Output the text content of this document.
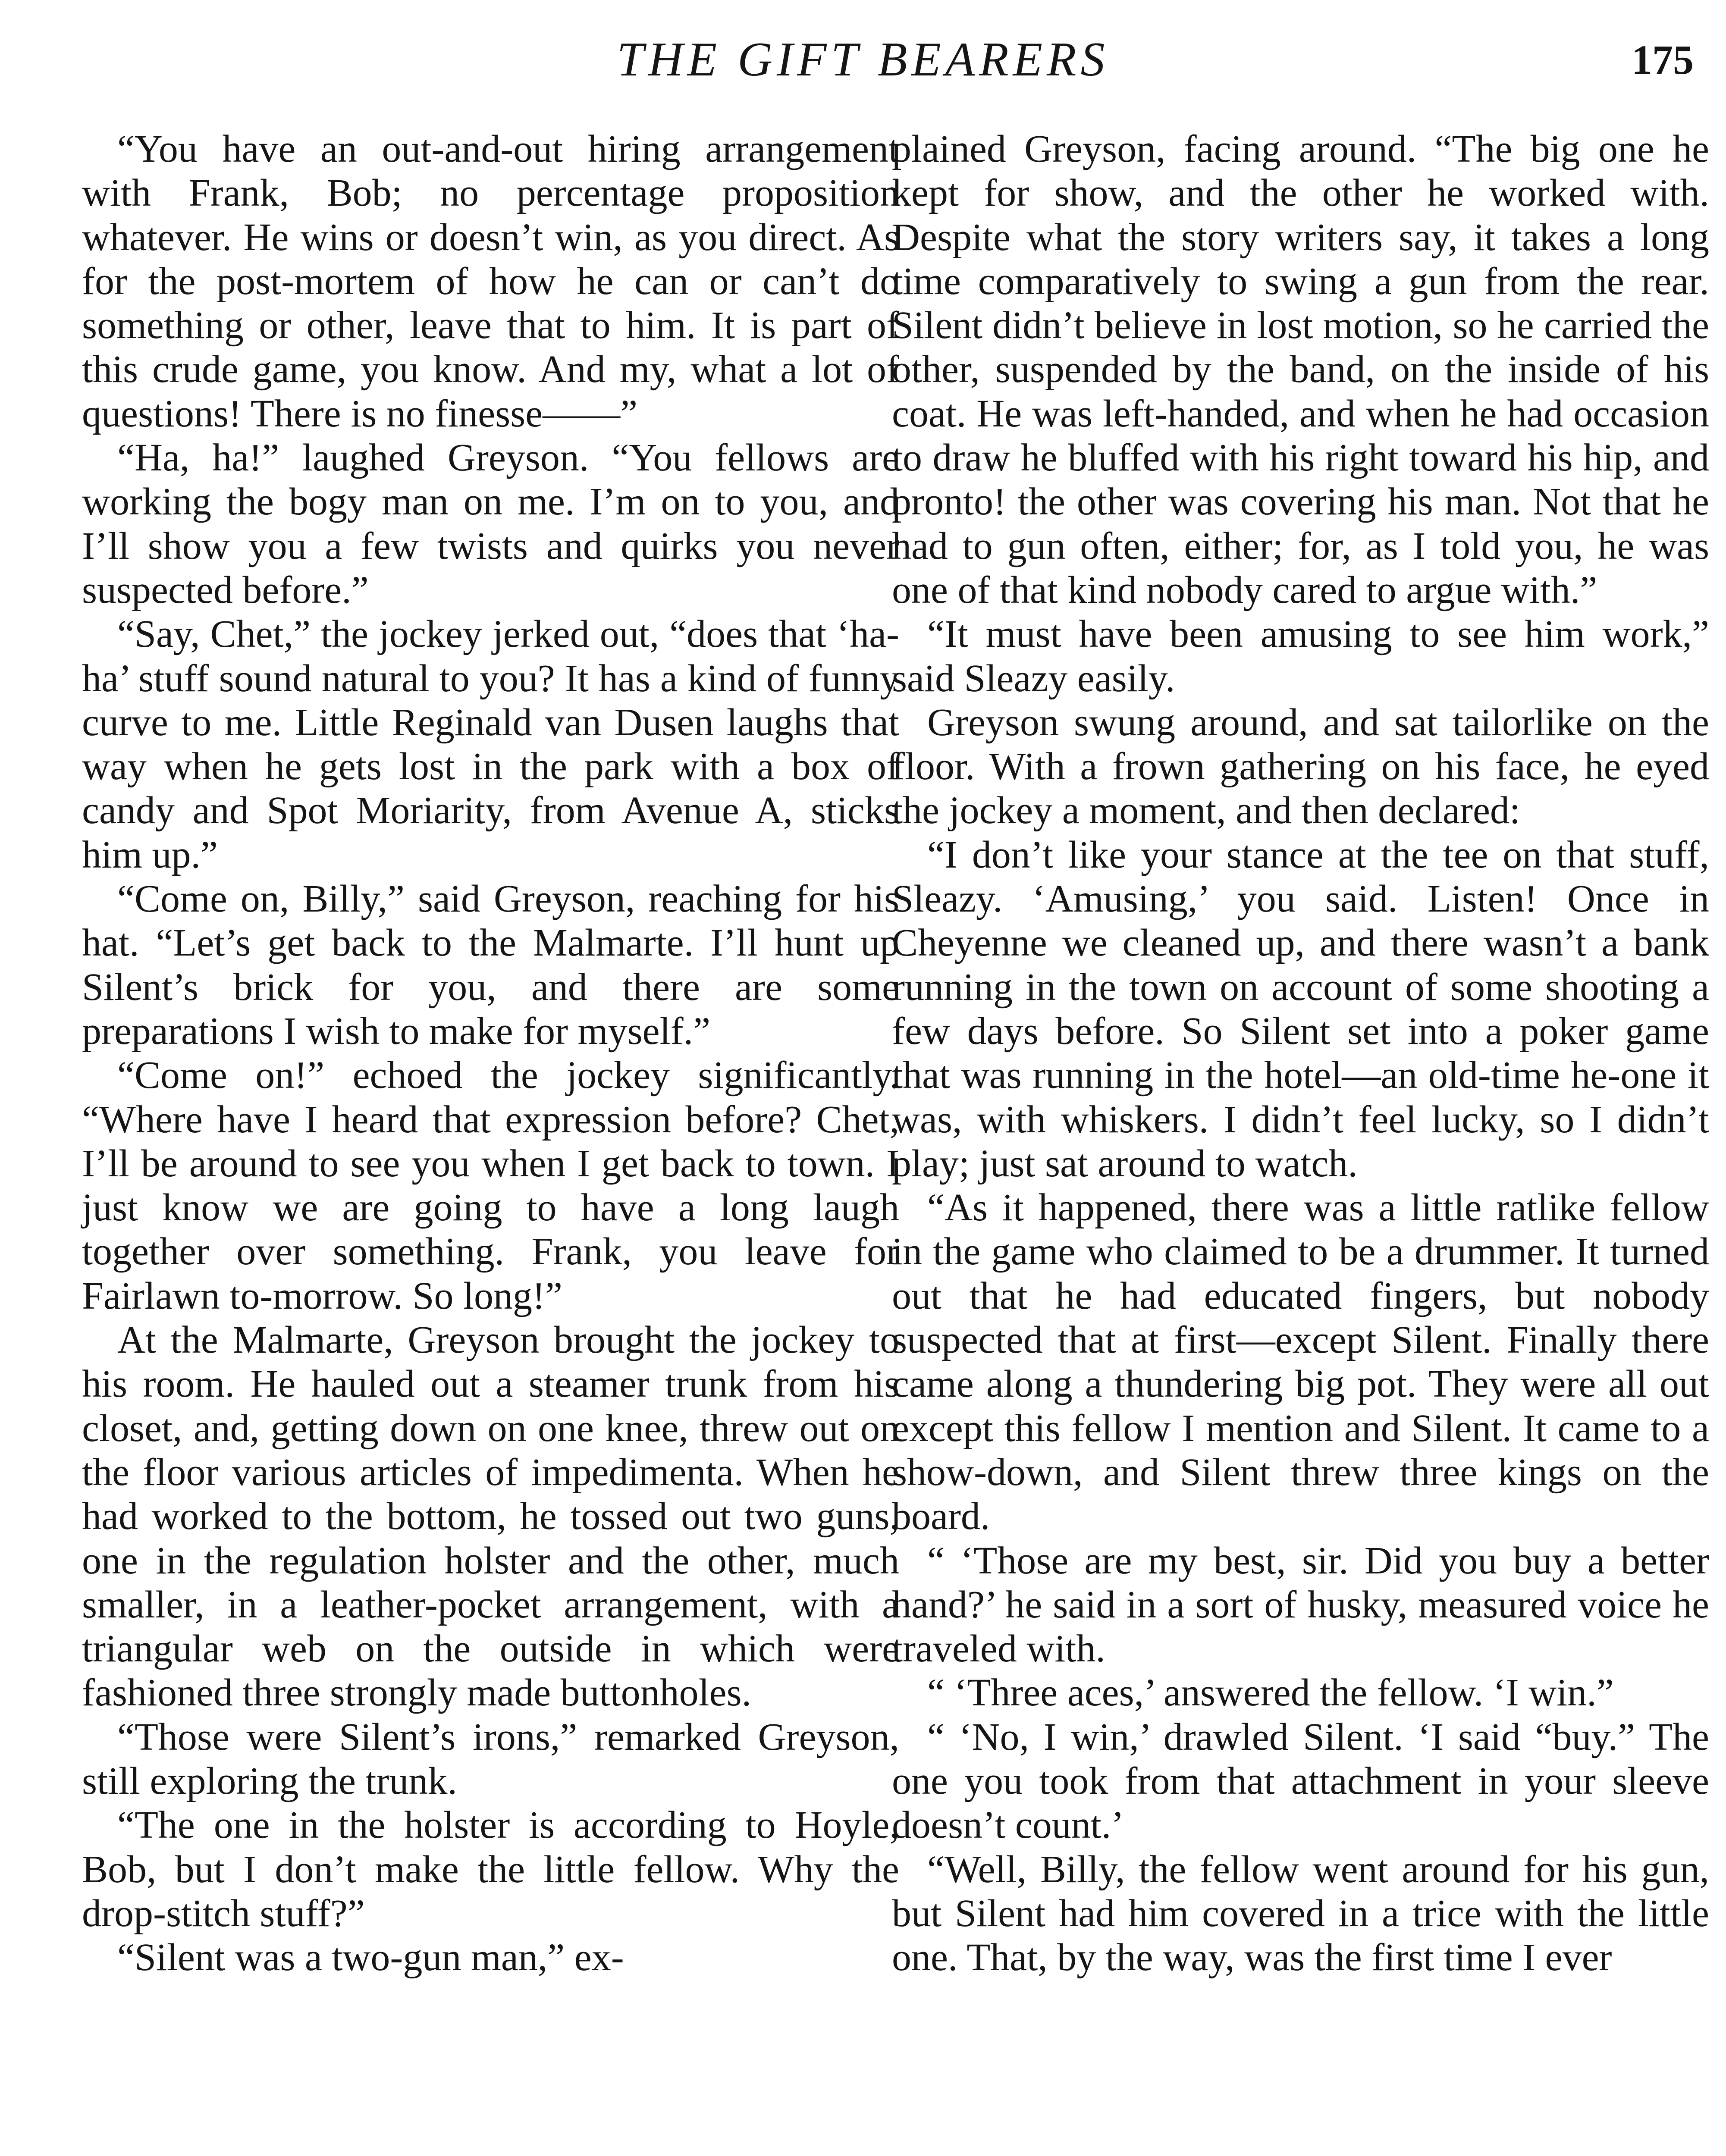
THE GIFT BEARERS	175

“You have an out-and-out hiring arrangement with Frank, Bob; no percentage proposition whatever. He wins or doesn’t win, as you direct. As for the post-mortem of how he can or can’t do something or other, leave that to him. It is part of this crude game, you know. And my, what a lot of questions! There is no finesse——”

“Ha, ha!” laughed Greyson. “You fellows are working the bogy man on me. I’m on to you, and I’ll show you a few twists and quirks you never suspected before.”

“Say, Chet,” the jockey jerked out, “does that ‘ha-ha’ stuff sound natural to you? It has a kind of funny curve to me. Little Reginald van Dusen laughs that way when he gets lost in the park with a box of candy and Spot Moriarity, from Avenue A, sticks him up.”

“Come on, Billy,” said Greyson, reaching for his hat. “Let’s get back to the Malmarte. I’ll hunt up Silent’s brick for you, and there are some preparations I wish to make for myself.”

“Come on!” echoed the jockey significantly. “Where have I heard that expression before? Chet, I’ll be around to see you when I get back to town. I just know we are going to have a long laugh together over something. Frank, you leave for Fairlawn to-morrow. So long!”

At the Malmarte, Greyson brought the jockey to his room. He hauled out a steamer trunk from his closet, and, getting down on one knee, threw out on the floor various articles of impedimenta. When he had worked to the bottom, he tossed out two guns, one in the regulation holster and the other, much smaller, in a leather-pocket arrangement, with a triangular web on the outside in which were fashioned three strongly made buttonholes.

“Those were Silent’s irons,” remarked Greyson, still exploring the trunk.

“The one in the holster is according to Hoyle, Bob, but I don’t make the little fellow. Why the drop-stitch stuff?”

“Silent was a two-gun man,” ex-

plained Greyson, facing around. “The big one he kept for show, and the other he worked with. Despite what the story writers say, it takes a long time comparatively to swing a gun from the rear. Silent didn’t believe in lost motion, so he carried the other, suspended by the band, on the inside of his coat. He was left-handed, and when he had occasion to draw he bluffed with his right toward his hip, and pronto! the other was covering his man. Not that he had to gun often, either; for, as I told you, he was one of that kind nobody cared to argue with.”

“It must have been amusing to see him work,” said Sleazy easily.

Greyson swung around, and sat tailorlike on the floor. With a frown gathering on his face, he eyed the jockey a moment, and then declared:

“I don’t like your stance at the tee on that stuff, Sleazy. ‘Amusing,’ you said. Listen! Once in Cheyenne we cleaned up, and there wasn’t a bank running in the town on account of some shooting a few days before. So Silent set into a poker game that was running in the hotel—an old-time he-one it was, with whiskers. I didn’t feel lucky, so I didn’t play; just sat around to watch.

“As it happened, there was a little ratlike fellow in the game who claimed to be a drummer. It turned out that he had educated fingers, but nobody suspected that at first—except Silent. Finally there came along a thundering big pot. They were all out except this fellow I mention and Silent. It came to a show-down, and Silent threw three kings on the board.

“ ‘Those are my best, sir. Did you buy a better hand?’ he said in a sort of husky, measured voice he traveled with.

“ ‘Three aces,’ answered the fellow. ‘I win.”

“ ‘No, I win,’ drawled Silent. ‘I said “buy.” The one you took from that attachment in your sleeve doesn’t count.’

“Well, Billy, the fellow went around for his gun, but Silent had him covered in a trice with the little one. That, by the way, was the first time I ever
